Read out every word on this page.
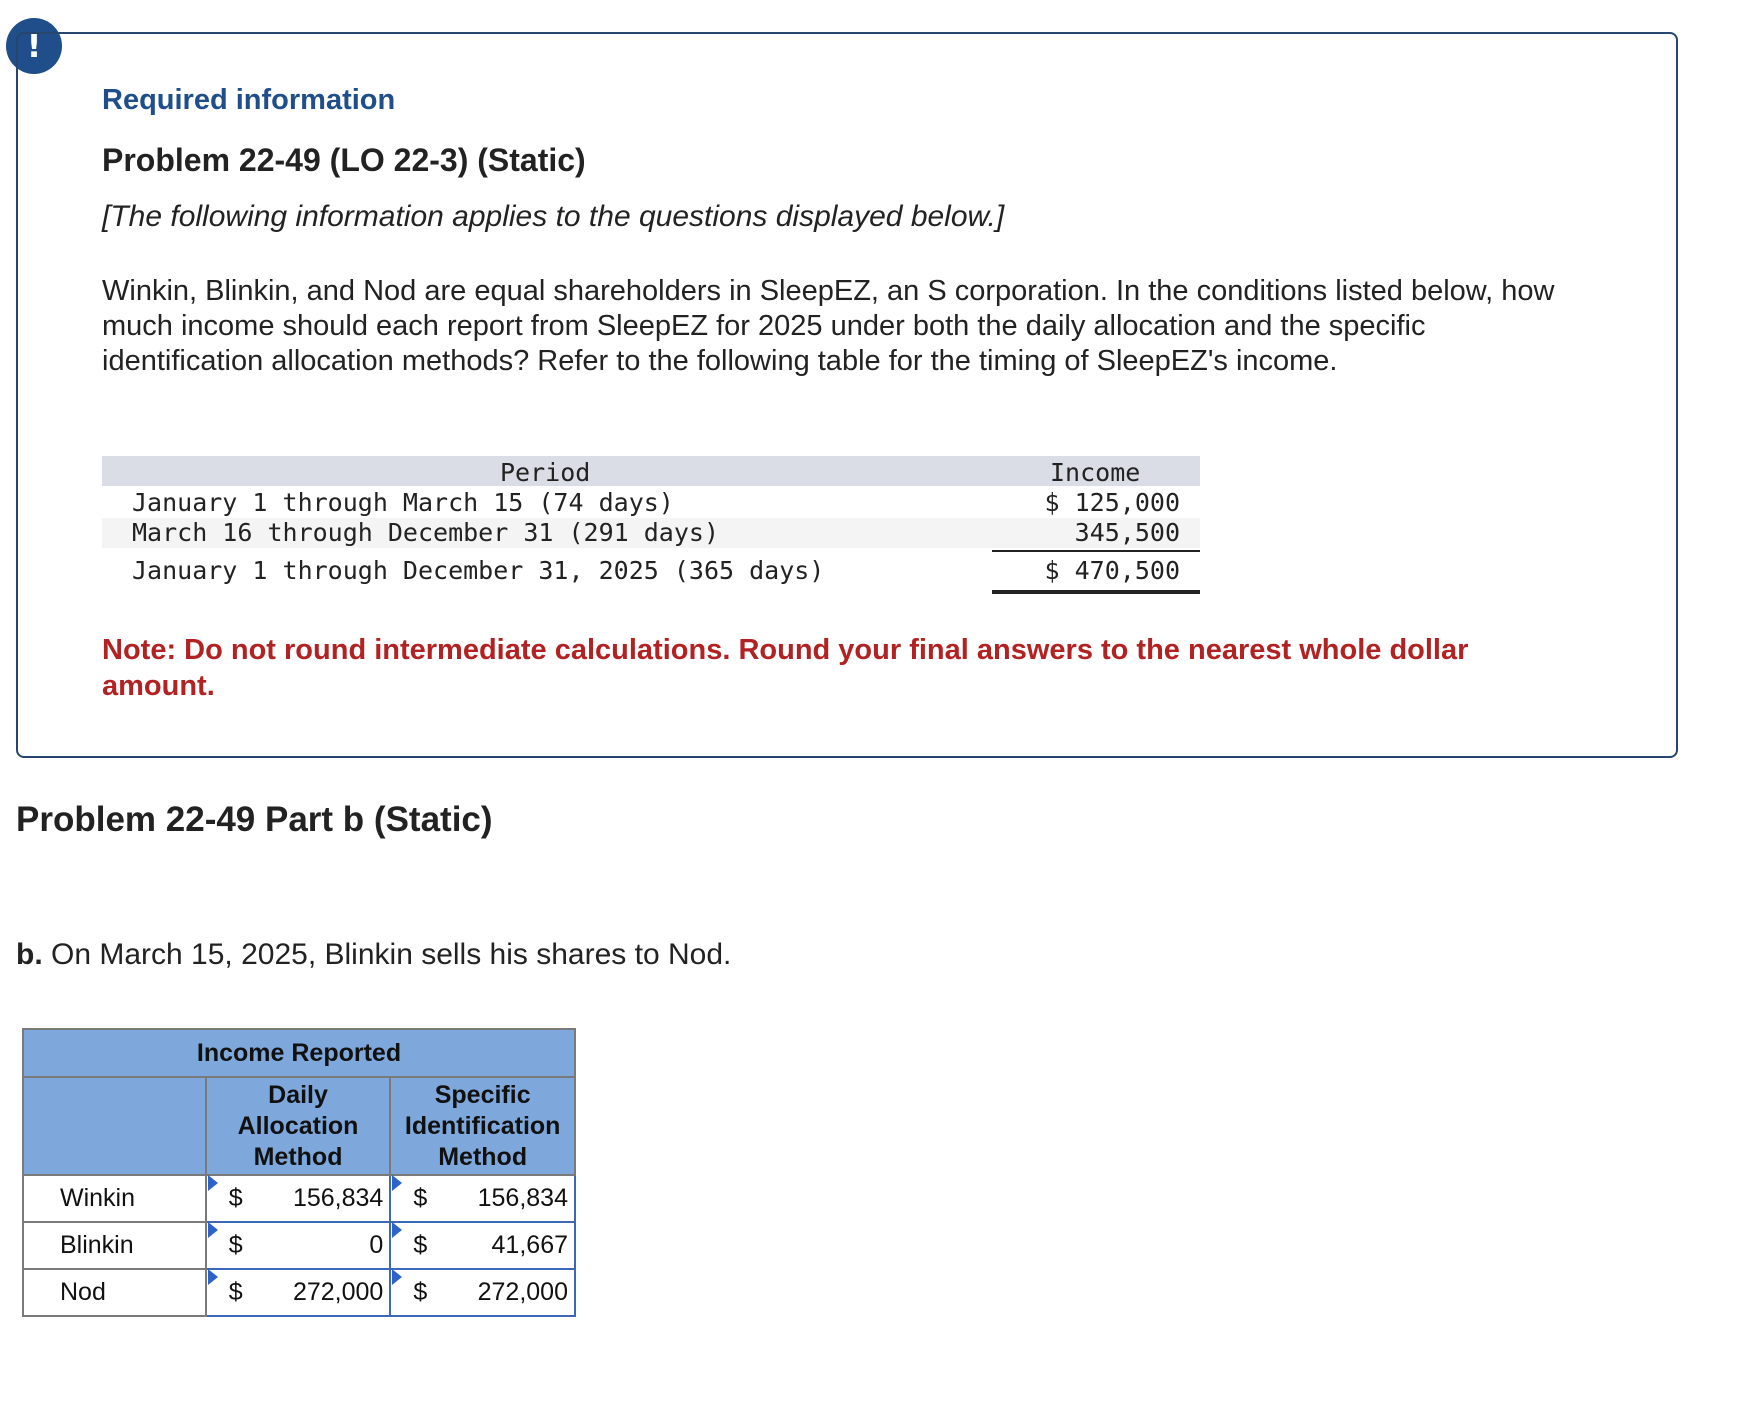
!
Required information
Problem 22-49 (LO 22-3) (Static)
[The following information applies to the questions displayed below.]
Winkin, Blinkin, and Nod are equal shareholders in SleepEZ, an S corporation. In the conditions listed below, how much income should each report from SleepEZ for 2025 under both the daily allocation and the specific identification allocation methods? Refer to the following table for the timing of SleepEZ's income.
Period	Income
January 1 through March 15 (74 days)	$ 125,000
March 16 through December 31 (291 days)	345,500
January 1 through December 31, 2025 (365 days)	$ 470,500
Note: Do not round intermediate calculations. Round your final answers to the nearest whole dollar amount.
Problem 22-49 Part b (Static)
b. On March 15, 2025, Blinkin sells his shares to Nod.
Income Reported		
	Daily Allocation Method	Specific Identification Method
Winkin	$ 156,834	$ 156,834

Blinkin	$ 0	$ 41,667

Nod	$ 272,000	$ 272,000
